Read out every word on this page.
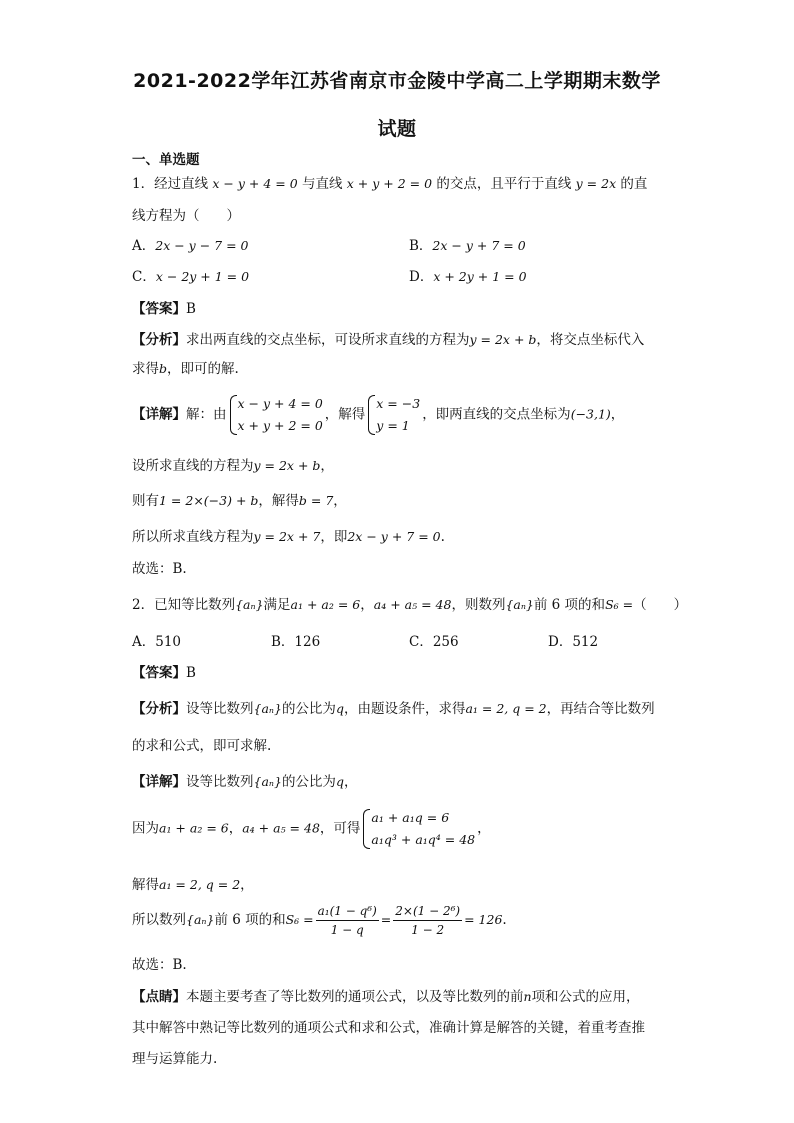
2021-2022学年江苏省南京市金陵中学高二上学期期末数学
试题
一、单选题
1．经过直线 x − y + 4 = 0 与直线 x + y + 2 = 0 的交点，且平行于直线 y = 2x 的直
线方程为（　　）
A．2x − y − 7 = 0	B．2x − y + 7 = 0
C．x − 2y + 1 = 0	D．x + 2y + 1 = 0
【答案】B
【分析】求出两直线的交点坐标，可设所求直线的方程为y = 2x + b，将交点坐标代入
求得b，即可的解.
【详解】解：由
x − y + 4 = 0
x + y + 2 = 0
，解得
x = −3
y = 1
，即两直线的交点坐标为(−3,1)，
设所求直线的方程为y = 2x + b，
则有1 = 2×(−3) + b，解得b = 7，
所以所求直线方程为y = 2x + 7，即2x − y + 7 = 0.
故选：B.
2．已知等比数列{aₙ}满足a₁ + a₂ = 6，a₄ + a₅ = 48，则数列{aₙ}前 6 项的和S₆ =（　　）
A．510	B．126	C．256	D．512
【答案】B
【分析】设等比数列{aₙ}的公比为q，由题设条件，求得a₁ = 2, q = 2，再结合等比数列
的求和公式，即可求解.
【详解】设等比数列{aₙ}的公比为q，
因为a₁ + a₂ = 6，a₄ + a₅ = 48，可得
a₁ + a₁q = 6
a₁q³ + a₁q⁴ = 48
，
解得a₁ = 2, q = 2，
所以数列{aₙ}前 6 项的和$S_6 = \frac{\text{a₁(1 − q⁶)}}{1 - q} = \frac{\text{2×(1 − 2⁶)}}{1 - 2} = 126$.
故选：B.
【点睛】本题主要考查了等比数列的通项公式，以及等比数列的前n项和公式的应用，
其中解答中熟记等比数列的通项公式和求和公式，准确计算是解答的关键，着重考查推
理与运算能力.
